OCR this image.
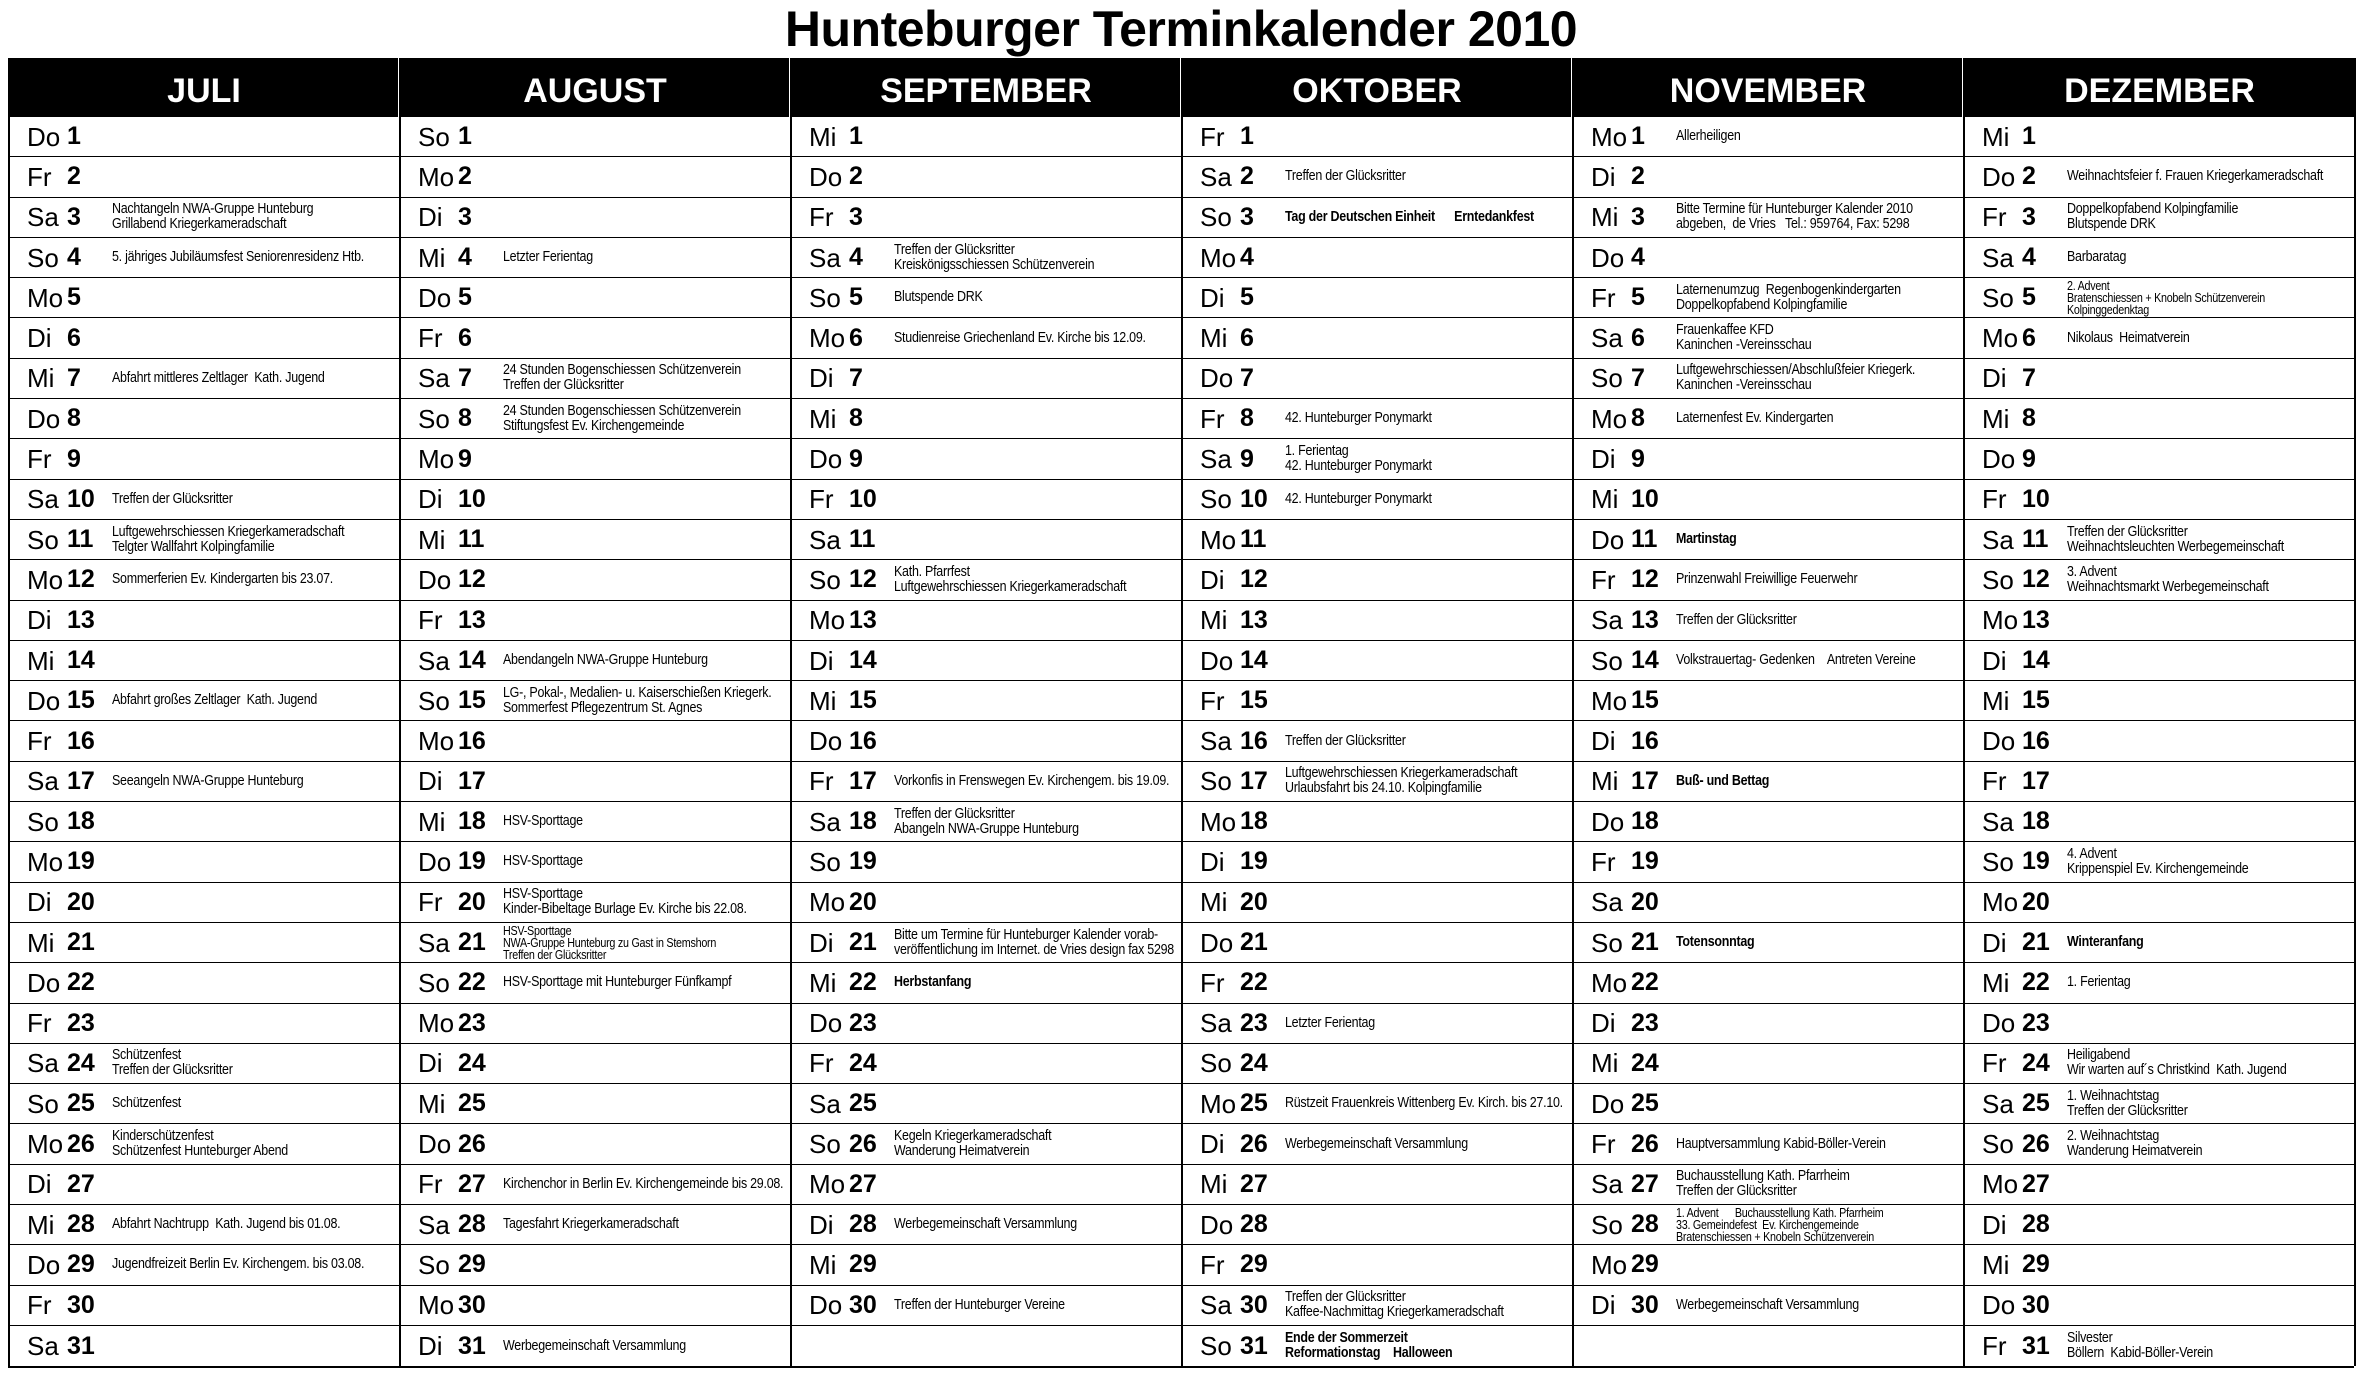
Hunteburger Terminkalender 2010
JULI
Do 1
Fr 2
Sa 3	Nachtangeln NWA-Gruppe Hunteburg
Grillabend Kriegerkameradschaft
So 4	5. jähriges Jubiläumsfest Seniorenresidenz Htb.
Mo 5
Di 6
Mi 7	Abfahrt mittleres Zeltlager  Kath. Jugend
Do 8
Fr 9
Sa 10	Treffen der Glücksritter
So 11	Luftgewehrschiessen Kriegerkameradschaft
Telgter Wallfahrt Kolpingfamilie
Mo 12	Sommerferien Ev. Kindergarten bis 23.07.
Di 13
Mi 14
Do 15	Abfahrt großes Zeltlager  Kath. Jugend
Fr 16
Sa 17	Seeangeln NWA-Gruppe Hunteburg
So 18
Mo 19
Di 20
Mi 21
Do 22
Fr 23
Sa 24	Schützenfest
Treffen der Glücksritter
So 25	Schützenfest
Mo 26	Kinderschützenfest
Schützenfest Hunteburger Abend
Di 27
Mi 28	Abfahrt Nachtrupp  Kath. Jugend bis 01.08.
Do 29	Jugendfreizeit Berlin Ev. Kirchengem. bis 03.08.
Fr 30
Sa 31
AUGUST
So 1
Mo 2
Di 3
Mi 4	Letzter Ferientag
Do 5
Fr 6
Sa 7	24 Stunden Bogenschiessen Schützenverein
Treffen der Glücksritter
So 8	24 Stunden Bogenschiessen Schützenverein
Stiftungsfest Ev. Kirchengemeinde
Mo 9
Di 10
Mi 11
Do 12
Fr 13
Sa 14	Abendangeln NWA-Gruppe Hunteburg
So 15	LG-, Pokal-, Medalien- u. Kaiserschießen Kriegerk.
Sommerfest Pflegezentrum St. Agnes
Mo 16
Di 17
Mi 18	HSV-Sporttage
Do 19	HSV-Sporttage
Fr 20	HSV-Sporttage
Kinder-Bibeltage Burlage Ev. Kirche bis 22.08.
Sa 21	HSV-Sporttage
NWA-Gruppe Hunteburg zu Gast in Stemshorn
Treffen der Glücksritter
So 22	HSV-Sporttage mit Hunteburger Fünfkampf
Mo 23
Di 24
Mi 25
Do 26
Fr 27	Kirchenchor in Berlin Ev. Kirchengemeinde bis 29.08.
Sa 28	Tagesfahrt Kriegerkameradschaft
So 29
Mo 30
Di 31	Werbegemeinschaft Versammlung
SEPTEMBER
Mi 1
Do 2
Fr 3
Sa 4	Treffen der Glücksritter
Kreiskönigsschiessen Schützenverein
So 5	Blutspende DRK
Mo 6	Studienreise Griechenland Ev. Kirche bis 12.09.
Di 7
Mi 8
Do 9
Fr 10
Sa 11
So 12	Kath. Pfarrfest
Luftgewehrschiessen Kriegerkameradschaft
Mo 13
Di 14
Mi 15
Do 16
Fr 17	Vorkonfis in Frenswegen Ev. Kirchengem. bis 19.09.
Sa 18	Treffen der Glücksritter
Abangeln NWA-Gruppe Hunteburg
So 19
Mo 20
Di 21	Bitte um Termine für Hunteburger Kalender vorab-
veröffentlichung im Internet. de Vries design fax 5298
Mi 22	Herbstanfang
Do 23
Fr 24
Sa 25
So 26	Kegeln Kriegerkameradschaft
Wanderung Heimatverein
Mo 27
Di 28	Werbegemeinschaft Versammlung
Mi 29
Do 30	Treffen der Hunteburger Vereine
OKTOBER
Fr 1
Sa 2	Treffen der Glücksritter
So 3	Tag der Deutschen Einheit      Erntedankfest
Mo 4
Di 5
Mi 6
Do 7
Fr 8	42. Hunteburger Ponymarkt
Sa 9	1. Ferientag
42. Hunteburger Ponymarkt
So 10	42. Hunteburger Ponymarkt
Mo 11
Di 12
Mi 13
Do 14
Fr 15
Sa 16	Treffen der Glücksritter
So 17	Luftgewehrschiessen Kriegerkameradschaft
Urlaubsfahrt bis 24.10. Kolpingfamilie
Mo 18
Di 19
Mi 20
Do 21
Fr 22
Sa 23	Letzter Ferientag
So 24
Mo 25	Rüstzeit Frauenkreis Wittenberg Ev. Kirch. bis 27.10.
Di 26	Werbegemeinschaft Versammlung
Mi 27
Do 28
Fr 29
Sa 30	Treffen der Glücksritter
Kaffee-Nachmittag Kriegerkameradschaft
So 31	Ende der Sommerzeit
Reformationstag    Halloween
NOVEMBER
Mo 1	Allerheiligen
Di 2
Mi 3	Bitte Termine für Hunteburger Kalender 2010
abgeben,  de Vries   Tel.: 959764, Fax: 5298
Do 4
Fr 5	Laternenumzug  Regenbogenkindergarten
Doppelkopfabend Kolpingfamilie
Sa 6	Frauenkaffee KFD
Kaninchen -Vereinsschau
So 7	Luftgewehrschiessen/Abschlußfeier Kriegerk.
Kaninchen -Vereinsschau
Mo 8	Laternenfest Ev. Kindergarten
Di 9
Mi 10
Do 11	Martinstag
Fr 12	Prinzenwahl Freiwillige Feuerwehr
Sa 13	Treffen der Glücksritter
So 14	Volkstrauertag- Gedenken    Antreten Vereine
Mo 15
Di 16
Mi 17	Buß- und Bettag
Do 18
Fr 19
Sa 20
So 21	Totensonntag
Mo 22
Di 23
Mi 24
Do 25
Fr 26	Hauptversammlung Kabid-Böller-Verein
Sa 27	Buchausstellung Kath. Pfarrheim
Treffen der Glücksritter
So 28	1. Advent      Buchausstellung Kath. Pfarrheim
33. Gemeindefest  Ev. Kirchengemeinde
Bratenschiessen + Knobeln Schützenverein
Mo 29
Di 30	Werbegemeinschaft Versammlung
DEZEMBER
Mi 1
Do 2	Weihnachtsfeier f. Frauen Kriegerkameradschaft
Fr 3	Doppelkopfabend Kolpingfamilie
Blutspende DRK
Sa 4	Barbaratag
So 5	2. Advent
Bratenschiessen + Knobeln Schützenverein
Kolpinggedenktag
Mo 6	Nikolaus  Heimatverein
Di 7
Mi 8
Do 9
Fr 10
Sa 11	Treffen der Glücksritter
Weihnachtsleuchten Werbegemeinschaft
So 12	3. Advent
Weihnachtsmarkt Werbegemeinschaft
Mo 13
Di 14
Mi 15
Do 16
Fr 17
Sa 18
So 19	4. Advent
Krippenspiel Ev. Kirchengemeinde
Mo 20
Di 21	Winteranfang
Mi 22	1. Ferientag
Do 23
Fr 24	Heiligabend
Wir warten auf´s Christkind  Kath. Jugend
Sa 25	1. Weihnachtstag
Treffen der Glücksritter
So 26	2. Weihnachtstag
Wanderung Heimatverein
Mo 27
Di 28
Mi 29
Do 30
Fr 31	Silvester
Böllern  Kabid-Böller-Verein
